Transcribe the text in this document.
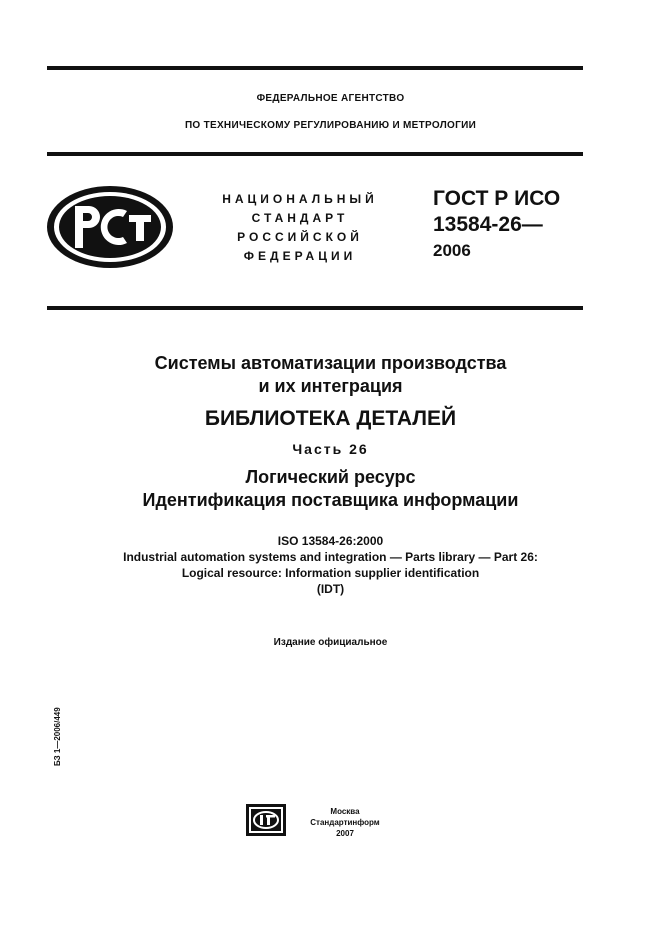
ФЕДЕРАЛЬНОЕ АГЕНТСТВО
ПО ТЕХНИЧЕСКОМУ РЕГУЛИРОВАНИЮ И МЕТРОЛОГИИ
НАЦИОНАЛЬНЫЙ
СТАНДАРТ
РОССИЙСКОЙ
ФЕДЕРАЦИИ
ГОСТ Р ИСО
13584-26—
2006
Системы автоматизации производства
и их интеграция
БИБЛИОТЕКА ДЕТАЛЕЙ
Часть 26
Логический ресурс
Идентификация поставщика информации
ISO 13584-26:2000
Industrial automation systems and integration — Parts library — Part 26:
Logical resource: Information supplier identification
(IDT)
Издание официальное
БЗ 1—2006/449
Москва
Стандартинформ
2007
